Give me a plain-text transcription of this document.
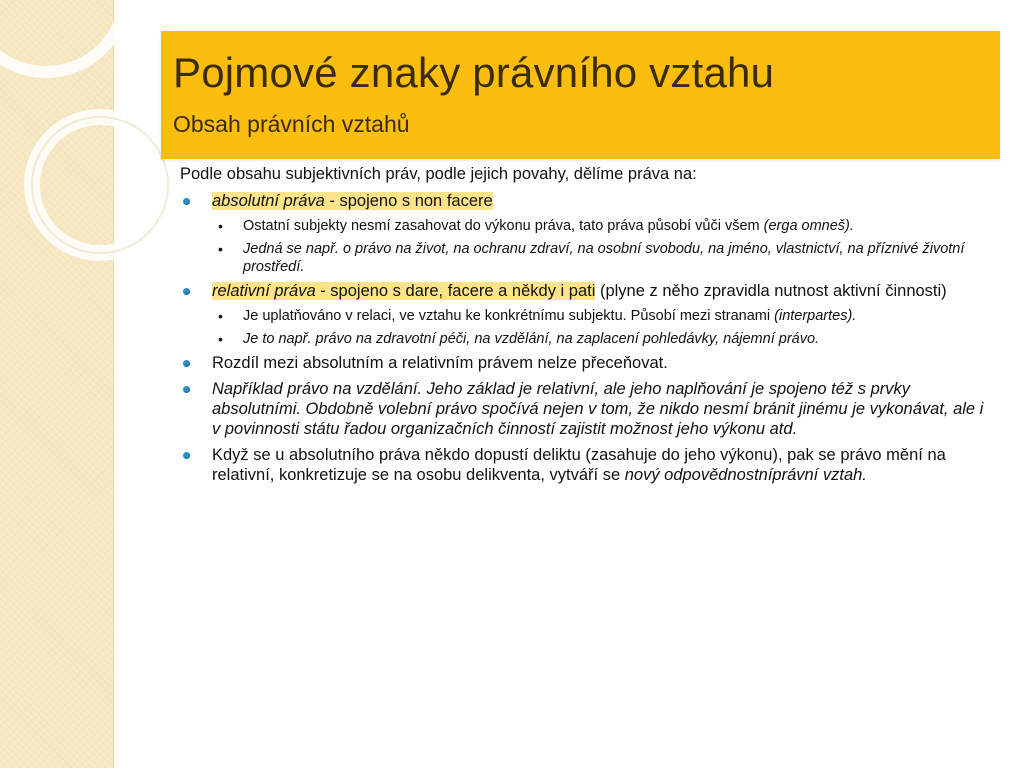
Pojmové znaky právního vztahu
Obsah právních vztahů

Podle obsahu subjektivních práv, podle jejich povahy, dělíme práva na:

absolutní práva - spojeno s non facere
• Ostatní subjekty nesmí zasahovat do výkonu práva, tato práva působí vůči všem (erga omneš).
• Jedná se např. o právo na život, na ochranu zdraví, na osobní svobodu, na jméno, vlastnictví, na příznivé životní prostředí.
relativní práva - spojeno s dare, facere a někdy i pati (plyne z něho zpravidla nutnost aktivní činnosti)
• Je uplatňováno v relaci, ve vztahu ke konkrétnímu subjektu. Působí mezi stranami (interpartes).
• Je to např. právo na zdravotní péči, na vzdělání, na zaplacení pohledávky, nájemní právo.
Rozdíl mezi absolutním a relativním právem nelze přeceňovat.
Například právo na vzdělání. Jeho základ je relativní, ale jeho naplňování je spojeno též s prvky absolutními. Obdobně volební právo spočívá nejen v tom, že nikdo nesmí bránit jinému je vykonávat, ale i v povinnosti státu řadou organizačních činností zajistit možnost jeho výkonu atd.
Když se u absolutního práva někdo dopustí deliktu (zasahuje do jeho výkonu), pak se právo mění na relativní, konkretizuje se na osobu delikventa, vytváří se nový odpovědnostníprávní vztah.
